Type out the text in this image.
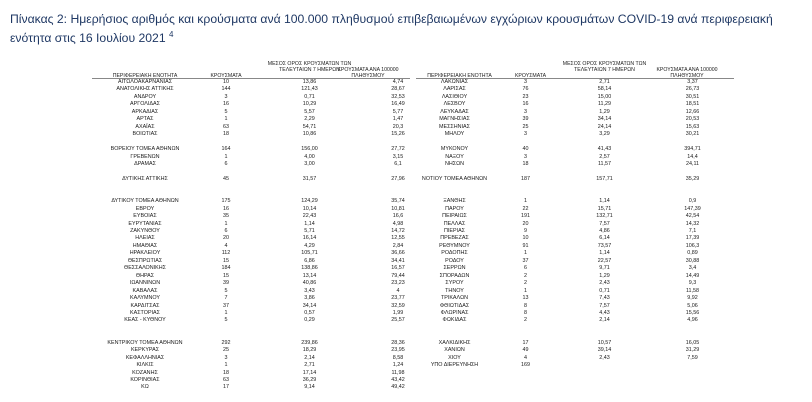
Πίνακας 2: Ημερήσιος αριθμός και κρούσματα ανά 100.000 πληθυσμού επιβεβαιωμένων εγχώριων κρουσμάτων COVID-19 ανά περιφερειακή ενότητα στις 16 Ιουλίου 2021 $^4$
ΠΕΡΙΦΕΡΕΙΑΚΗ ΕΝΟΤΗΤΑ	ΚΡΟΥΣΜΑΤΑ
ΜΕΣΟΣ ΟΡΟΣ ΚΡΟΥΣΜΑΤΩΝ ΤΩΝ ΤΕΛΕΥΤΑΙΩΝ 7 ΗΜΕΡΩΝ
ΚΡΟΥΣΜΑΤΑ ΑΝΑ 100000 ΠΛΗΘΥΣΜΟΥ	ΠΕΡΙΦΕΡΕΙΑΚΗ ΕΝΟΤΗΤΑ	ΚΡΟΥΣΜΑΤΑ
ΜΕΣΟΣ ΟΡΟΣ ΚΡΟΥΣΜΑΤΩΝ ΤΩΝ ΤΕΛΕΥΤΑΙΩΝ 7 ΗΜΕΡΩΝ	ΚΡΟΥΣΜΑΤΑ ΑΝΑ 100000 ΠΛΗΘΥΣΜΟΥ
ΑΙΤΩΛΟΑΚΑΡΝΑΝΙΑΣ	10	13,86	4,74
ΑΝΑΤΟΛΙΚΗΣ ΑΤΤΙΚΗΣ	144	121,43	28,67
ΑΝΔΡΟΥ	3	0,71	32,53
ΑΡΓΟΛΙΔΑΣ	16	10,29	16,49
ΑΡΚΑΔΙΑΣ	5	5,57	5,77
ΑΡΤΑΣ	1	2,29	1,47
ΑΧΑΪΑΣ	63	54,71	20,3
ΒΟΙΩΤΙΑΣ	18	10,86	15,26
ΒΟΡΕΙΟΥ ΤΟΜΕΑ ΑΘΗΝΩΝ	164	156,00	27,72
ΓΡΕΒΕΝΩΝ	1	4,00	3,15
ΔΡΑΜΑΣ	6	3,00	6,1
ΔΥΤΙΚΗΣ ΑΤΤΙΚΗΣ	45	31,57	27,96
ΔΥΤΙΚΟΥ ΤΟΜΕΑ ΑΘΗΝΩΝ	175	124,29	35,74
ΕΒΡΟΥ	16	10,14	10,81
ΕΥΒΟΙΑΣ	35	22,43	16,6
ΕΥΡΥΤΑΝΙΑΣ	1	1,14	4,98
ΖΑΚΥΝΘΟΥ	6	5,71	14,72
ΗΛΕΙΑΣ	20	16,14	12,55
ΗΜΑΘΙΑΣ	4	4,29	2,84
ΗΡΑΚΛΕΙΟΥ	112	105,71	36,66
ΘΕΣΠΡΩΤΙΑΣ	15	6,86	34,41
ΘΕΣΣΑΛΟΝΙΚΗΣ	184	138,86	16,57
ΘΗΡΑΣ	15	13,14	79,44
ΙΩΑΝΝΙΝΩΝ	39	40,86	23,23
ΚΑΒΑΛΑΣ	5	3,43	4
ΚΑΛΥΜΝΟΥ	7	3,86	23,77
ΚΑΡΔΙΤΣΑΣ	37	34,14	32,59
ΚΑΣΤΟΡΙΑΣ	1	0,57	1,99
ΚΕΑΣ - ΚΥΘΝΟΥ	5	0,29	25,57
ΚΕΝΤΡΙΚΟΥ ΤΟΜΕΑ ΑΘΗΝΩΝ	292	239,86	28,36
ΚΕΡΚΥΡΑΣ	25	18,29	23,95
ΚΕΦΑΛΛΗΝΙΑΣ	3	2,14	8,58
ΚΙΛΚΙΣ	1	2,71	1,24
ΚΟΖΑΝΗΣ	18	17,14	11,98
ΚΟΡΙΝΘΙΑΣ	63	36,29	43,42
ΚΩ	17	9,14	49,42
ΛΑΚΩΝΙΑΣ	3	2,71	3,37
ΛΑΡΙΣΑΣ	76	58,14	26,73
ΛΑΣΙΘΙΟΥ	23	15,00	30,51
ΛΕΣΒΟΥ	16	11,29	18,51
ΛΕΥΚΑΔΑΣ	3	1,29	12,66
ΜΑΓΝΗΣΙΑΣ	39	34,14	20,53
ΜΕΣΣΗΝΙΑΣ	25	24,14	15,63
ΜΗΛΟΥ	3	3,29	30,21
ΜΥΚΟΝΟΥ	40	41,43	394,71
ΝΑΞΟΥ	3	2,57	14,4
ΝΗΣΩΝ	18	11,57	24,11
ΝΟΤΙΟΥ ΤΟΜΕΑ ΑΘΗΝΩΝ	187	157,71	35,29
ΞΑΝΘΗΣ	1	1,14	0,9
ΠΑΡΟΥ	22	15,71	147,39
ΠΕΙΡΑΙΩΣ	191	132,71	42,54
ΠΕΛΛΑΣ	20	7,57	14,32
ΠΙΕΡΙΑΣ	9	4,86	7,1
ΠΡΕΒΕΖΑΣ	10	6,14	17,39
ΡΕΘΥΜΝΟΥ	91	73,57	106,3
ΡΟΔΟΠΗΣ	1	1,14	0,89
ΡΟΔΟΥ	37	22,57	30,88
ΣΕΡΡΩΝ	6	9,71	3,4
ΣΠΟΡΑΔΩΝ	2	1,29	14,49
ΣΥΡΟΥ	2	2,43	9,3
ΤΗΝΟΥ	1	0,71	11,58
ΤΡΙΚΑΛΩΝ	13	7,43	9,92
ΦΘΙΩΤΙΔΑΣ	8	7,57	5,06
ΦΛΩΡΙΝΑΣ	8	4,43	15,56
ΦΩΚΙΔΑΣ	2	2,14	4,96
ΧΑΛΚΙΔΙΚΗΣ	17	10,57	16,05
ΧΑΝΙΩΝ	49	39,14	31,29
ΧΙΟΥ	4	2,43	7,59
ΥΠΟ ΔΙΕΡΕΥΝΗΣΗ	169
